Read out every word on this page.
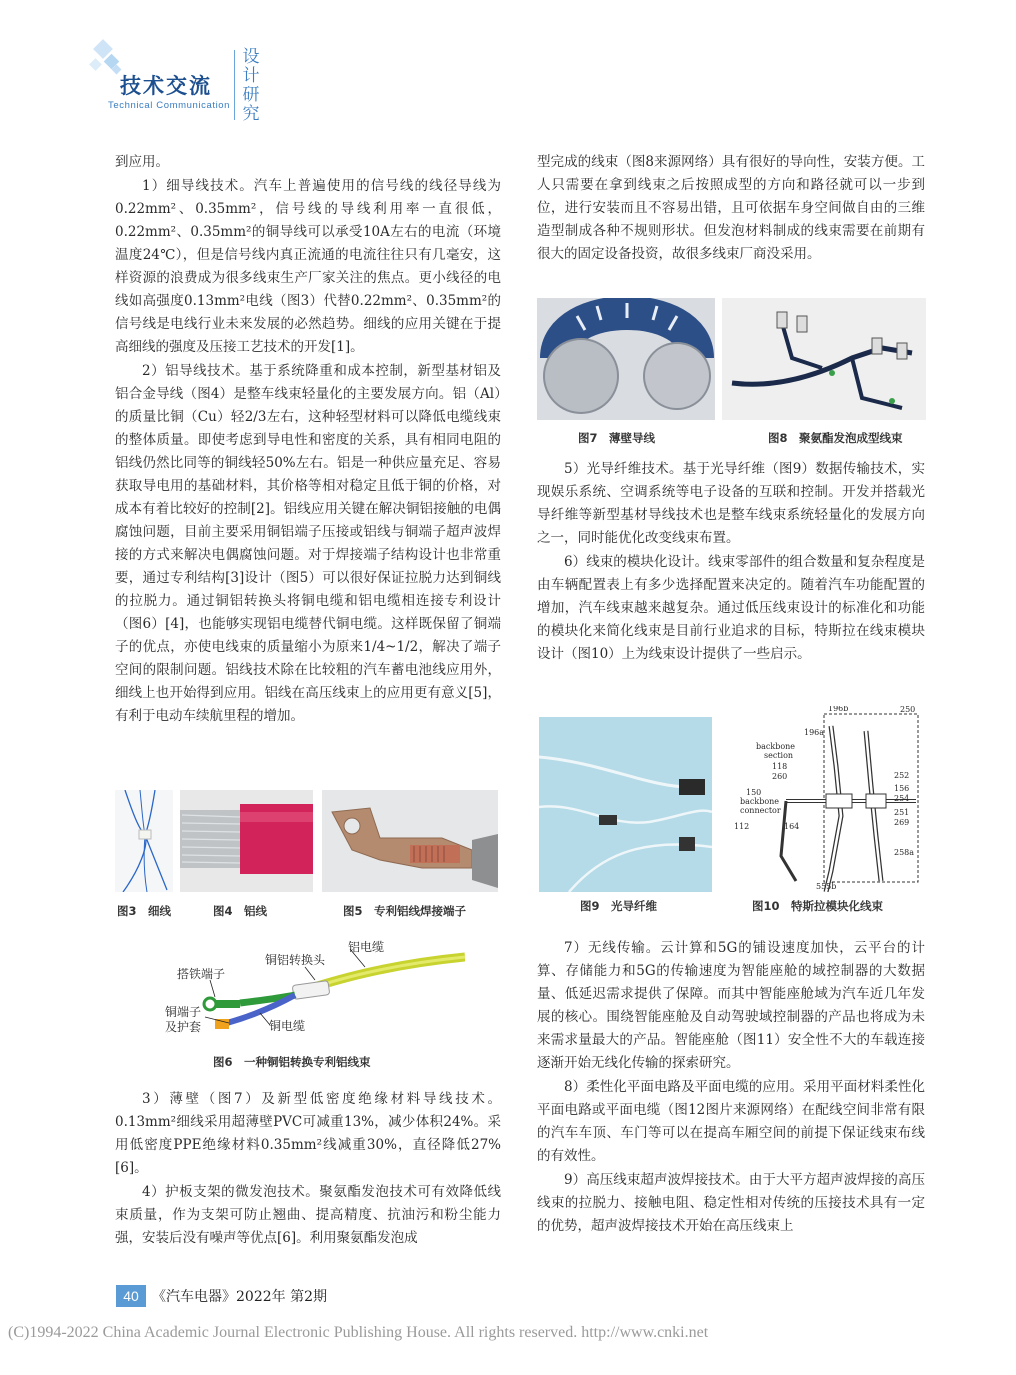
技术交流
Technical Communication
设计研究

到应用。

1）细导线技术。汽车上普遍使用的信号线的线径导线为0.22mm²、0.35mm²，信号线的导线利用率一直很低，0.22mm²、0.35mm²的铜导线可以承受10A左右的电流（环境温度24℃），但是信号线内真正流通的电流往往只有几毫安，这样资源的浪费成为很多线束生产厂家关注的焦点。更小线径的电线如高强度0.13mm²电线（图3）代替0.22mm²、0.35mm²的信号线是电线行业未来发展的必然趋势。细线的应用关键在于提高细线的强度及压接工艺技术的开发[1]。

2）铝导线技术。基于系统降重和成本控制，新型基材铝及铝合金导线（图4）是整车线束轻量化的主要发展方向。铝（Al）的质量比铜（Cu）轻2/3左右，这种轻型材料可以降低电缆线束的整体质量。即使考虑到导电性和密度的关系，具有相同电阻的铝线仍然比同等的铜线轻50%左右。铝是一种供应量充足、容易获取导电用的基础材料，其价格等相对稳定且低于铜的价格，对成本有着比较好的控制[2]。铝线应用关键在解决铜铝接触的电偶腐蚀问题，目前主要采用铜铝端子压接或铝线与铜端子超声波焊接的方式来解决电偶腐蚀问题。对于焊接端子结构设计也非常重要，通过专利结构[3]设计（图5）可以很好保证拉脱力达到铜线的拉脱力。通过铜铝转换头将铜电缆和铝电缆相连接专利设计（图6）[4]，也能够实现铝电缆替代铜电缆。这样既保留了铜端子的优点，亦使电线束的质量缩小为原来1/4~1/2，解决了端子空间的限制问题。铝线技术除在比较粗的汽车蓄电池线应用外，细线上也开始得到应用。铝线在高压线束上的应用更有意义[5]，有利于电动车续航里程的增加。

图3　细线	图4　铝线	图5　专利铝线焊接端子
铜铝转换头
铝电缆
搭铁端子
铜端子
及护套	铜电缆
图6　一种铜铝转换专利铝线束

3）薄壁（图7）及新型低密度绝缘材料导线技术。0.13mm²细线采用超薄壁PVC可减重13%，减少体积24%。采用低密度PPE绝缘材料0.35mm²线减重30%，直径降低27%[6]。

4）护板支架的微发泡技术。聚氨酯发泡技术可有效降低线束质量，作为支架可防止翘曲、提高精度、抗油污和粉尘能力强，安装后没有噪声等优点[6]。利用聚氨酯发泡成

型完成的线束（图8来源网络）具有很好的导向性，安装方便。工人只需要在拿到线束之后按照成型的方向和路径就可以一步到位，进行安装而且不容易出错，且可依据车身空间做自由的三维造型制成各种不规则形状。但发泡材料制成的线束需要在前期有很大的固定设备投资，故很多线束厂商没采用。

图7　薄壁导线	图8　聚氨酯发泡成型线束

5）光导纤维技术。基于光导纤维（图9）数据传输技术，实现娱乐系统、空调系统等电子设备的互联和控制。开发并搭载光导纤维等新型基材导线技术也是整车线束系统轻量化的发展方向之一，同时能优化改变线束布置。

6）线束的模块化设计。线束零部件的组合数量和复杂程度是由车辆配置表上有多少选择配置来决定的。随着汽车功能配置的增加，汽车线束越来越复杂。通过低压线束设计的标准化和功能的模块化来简化线束是目前行业追求的目标，特斯拉在线束模块设计（图10）上为线束设计提供了一些启示。

196b	250
196a
backbone
section
118
260
150
backbone
connector
112	164
252
156
254
251
269
258a
555b
图9　光导纤维	图10　特斯拉模块化线束

7）无线传输。云计算和5G的铺设速度加快，云平台的计算、存储能力和5G的传输速度为智能座舱的域控制器的大数据量、低延迟需求提供了保障。而其中智能座舱域为汽车近几年发展的核心。围绕智能座舱及自动驾驶域控制器的产品也将成为未来需求量最大的产品。智能座舱（图11）安全性不大的车载连接逐渐开始无线化传输的探索研究。

8）柔性化平面电路及平面电缆的应用。采用平面材料柔性化平面电路或平面电缆（图12图片来源网络）在配线空间非常有限的汽车车顶、车门等可以在提高车厢空间的前提下保证线束布线的有效性。

9）高压线束超声波焊接技术。由于大平方超声波焊接的高压线束的拉脱力、接触电阻、稳定性相对传统的压接技术具有一定的优势，超声波焊接技术开始在高压线束上

40 《汽车电器》2022年 第2期
(C)1994-2022 China Academic Journal Electronic Publishing House. All rights reserved. http://www.cnki.net
